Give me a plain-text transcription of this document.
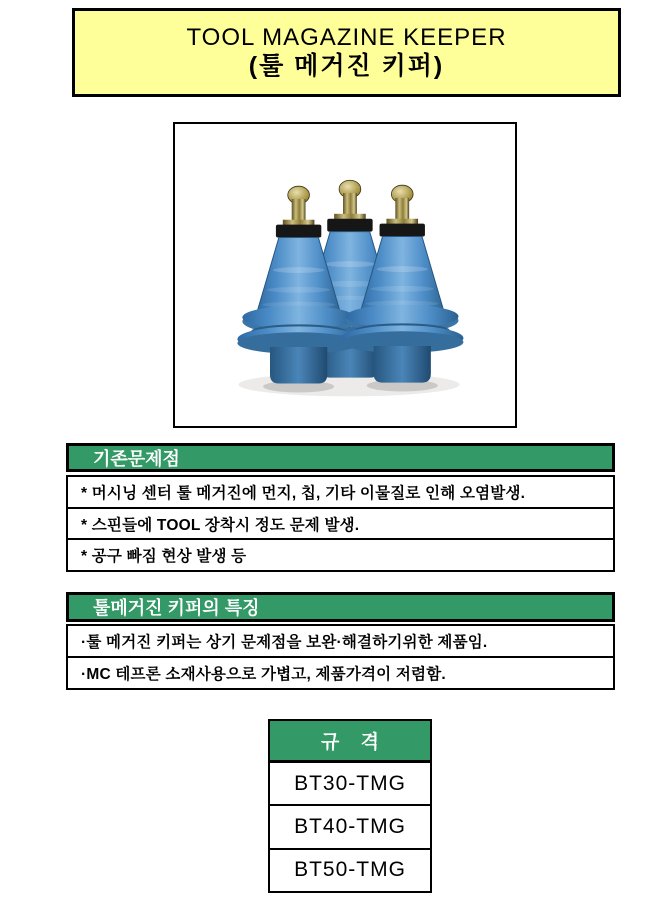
TOOL MAGAZINE KEEPER
(툴 메거진 키퍼)
기존문제점
* 머시닝 센터 툴 메거진에 먼지, 칩, 기타 이물질로 인해 오염발생.
* 스핀들에 TOOL 장착시 정도 문제 발생.
* 공구 빠짐 현상 발생 등
툴메거진 키퍼의 특징
·툴 메거진 키퍼는 상기 문제점을 보완·해결하기위한 제품임.
·MC 테프론 소재사용으로 가볍고, 제품가격이 저렴함.
규 격
BT30-TMG
BT40-TMG
BT50-TMG
